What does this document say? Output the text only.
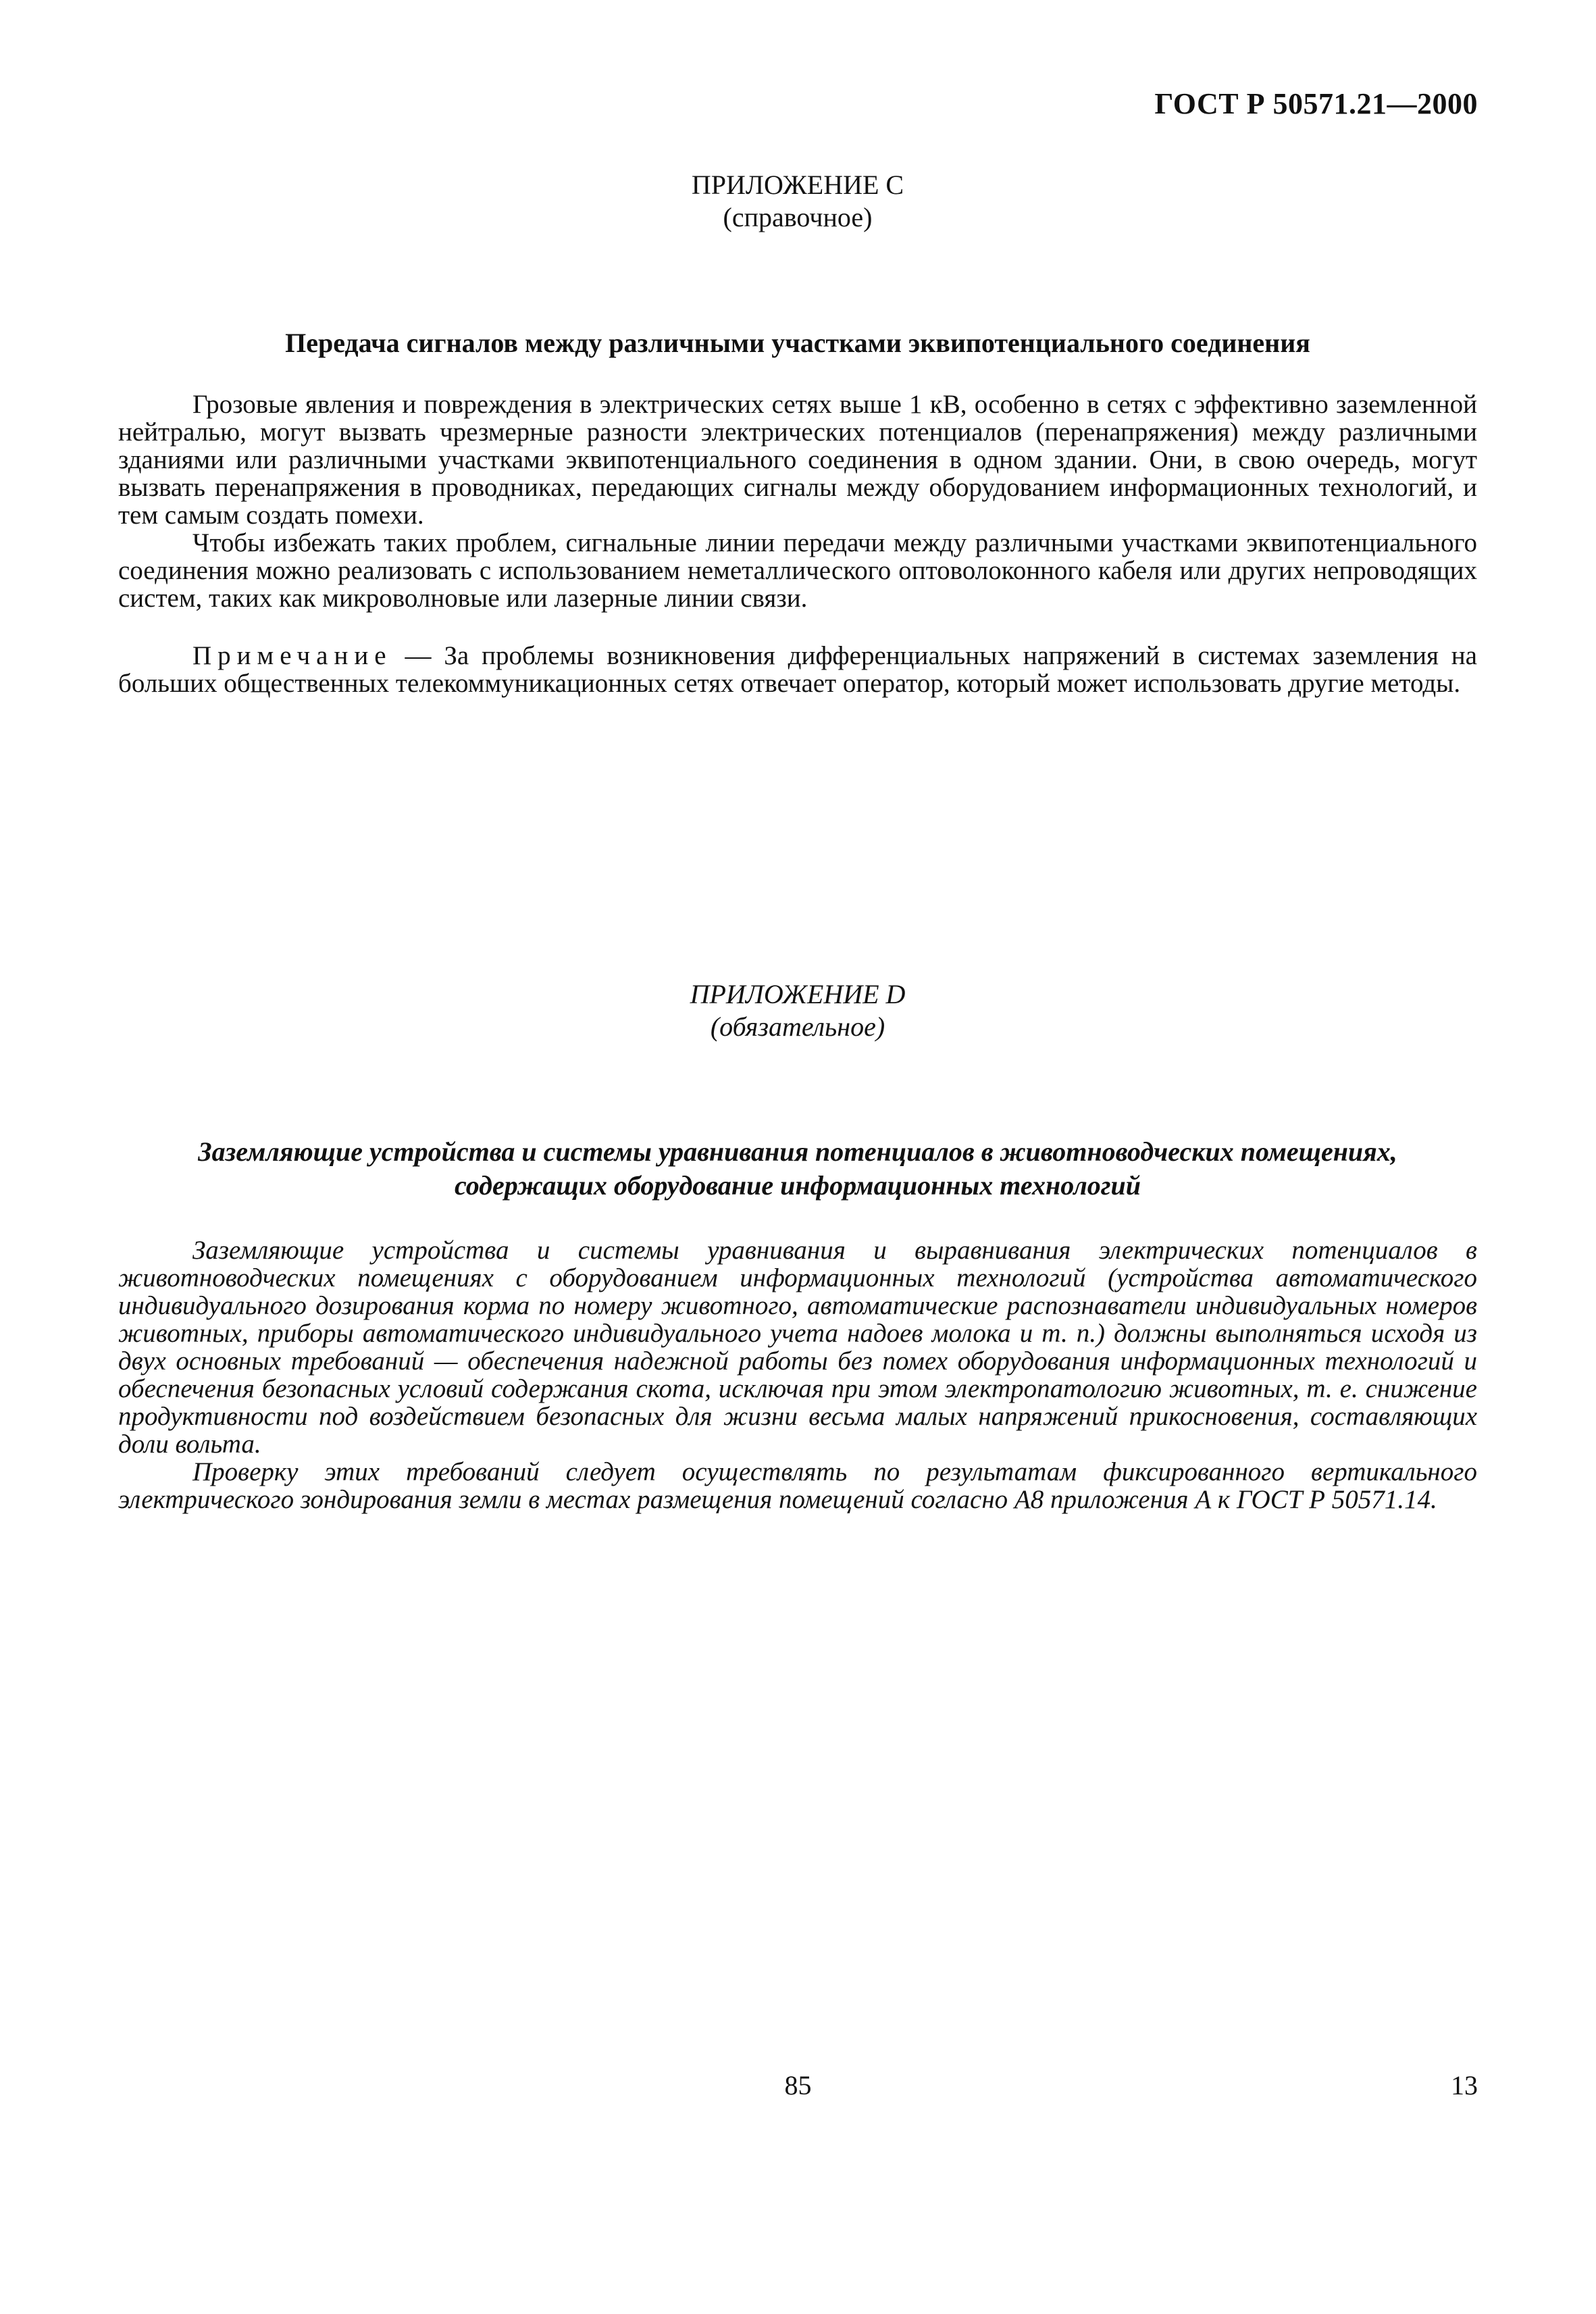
ГОСТ Р 50571.21—2000
ПРИЛОЖЕНИЕ С
(справочное)
Передача сигналов между различными участками эквипотенциального соединения

Грозовые явления и повреждения в электрических сетях выше 1 кВ, особенно в сетях с эффективно заземленной нейтралью, могут вызвать чрезмерные разности электрических потенциалов (перенапряжения) между различными зданиями или различными участками эквипотенциального соединения в одном здании. Они, в свою очередь, могут вызвать перенапряжения в проводниках, передающих сигналы между оборудованием информационных технологий, и тем самым создать помехи.

Чтобы избежать таких проблем, сигнальные линии передачи между различными участками эквипотенциального соединения можно реализовать с использованием неметаллического оптоволоконного кабеля или других непроводящих систем, таких как микроволновые или лазерные линии связи.

Примечание — За проблемы возникновения дифференциальных напряжений в системах заземления на больших общественных телекоммуникационных сетях отвечает оператор, который может использовать другие методы.

ПРИЛОЖЕНИЕ D
(обязательное)
Заземляющие устройства и системы уравнивания потенциалов в животноводческих помещениях,
содержащих оборудование информационных технологий

Заземляющие устройства и системы уравнивания и выравнивания электрических потенциалов в животноводческих помещениях с оборудованием информационных технологий (устройства автоматического индивидуального дозирования корма по номеру животного, автоматические распознаватели индивидуальных номеров животных, приборы автоматического индивидуального учета надоев молока и т. п.) должны выполняться исходя из двух основных требований — обеспечения надежной работы без помех оборудования информационных технологий и обеспечения безопасных условий содержания скота, исключая при этом электропатологию животных, т. е. снижение продуктивности под воздействием безопасных для жизни весьма малых напряжений прикосновения, составляющих доли вольта.

Проверку этих требований следует осуществлять по результатам фиксированного вертикального электрического зондирования земли в местах размещения помещений согласно А8 приложения А к ГОСТ Р 50571.14.

85	13
